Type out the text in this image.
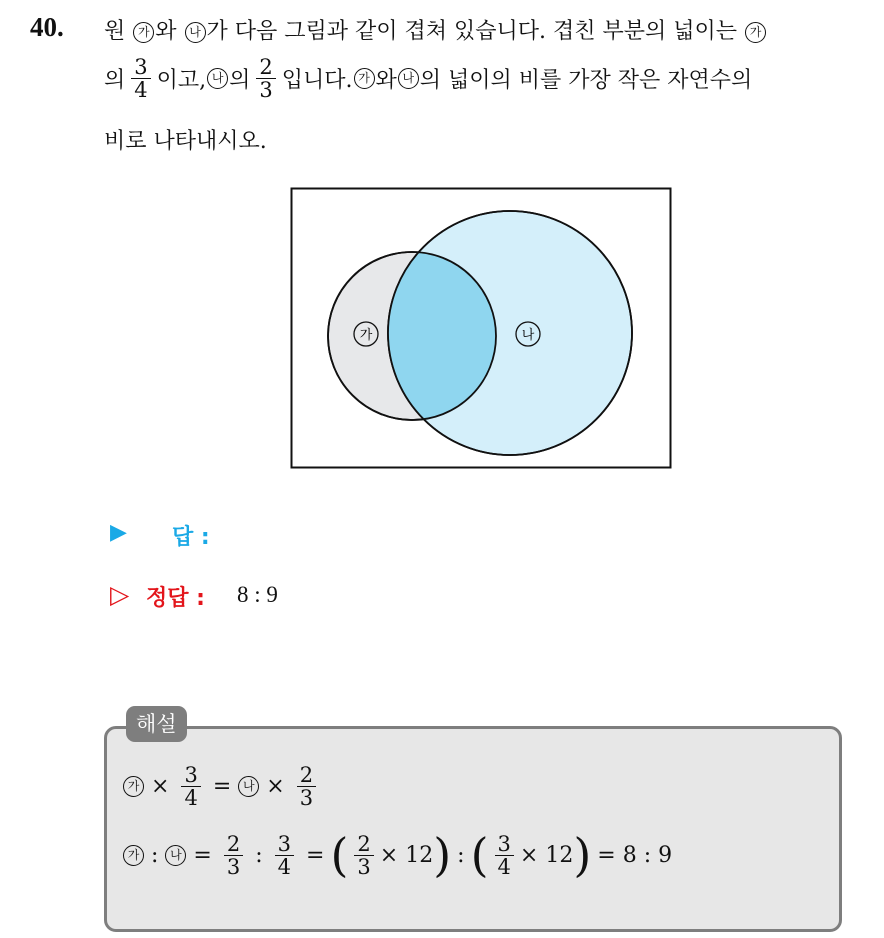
40. 원 가 와 나 가 다음 그림과 같이 겹쳐 있습니다. 겹친 부분의 넓이는 가
의 $\frac{3}{4}$ 이고, 나 의 $\frac{2}{3}$ 입니다. 가 와 나 의 넓이의 비를 가장 작은 자연수의
비로 나타내시오.
가	나
▶ 답 :
▷ 정답 : 8 : 9
해설
가 × $\frac{3}{4}$ = 나 × $\frac{2}{3}$
가 : 나 = $\frac{2}{3}$ : $\frac{3}{4}$ = ( $\frac{2}{3} \times 12$ ) : ( $\frac{3}{4} \times 12$ ) = 8 : 9
